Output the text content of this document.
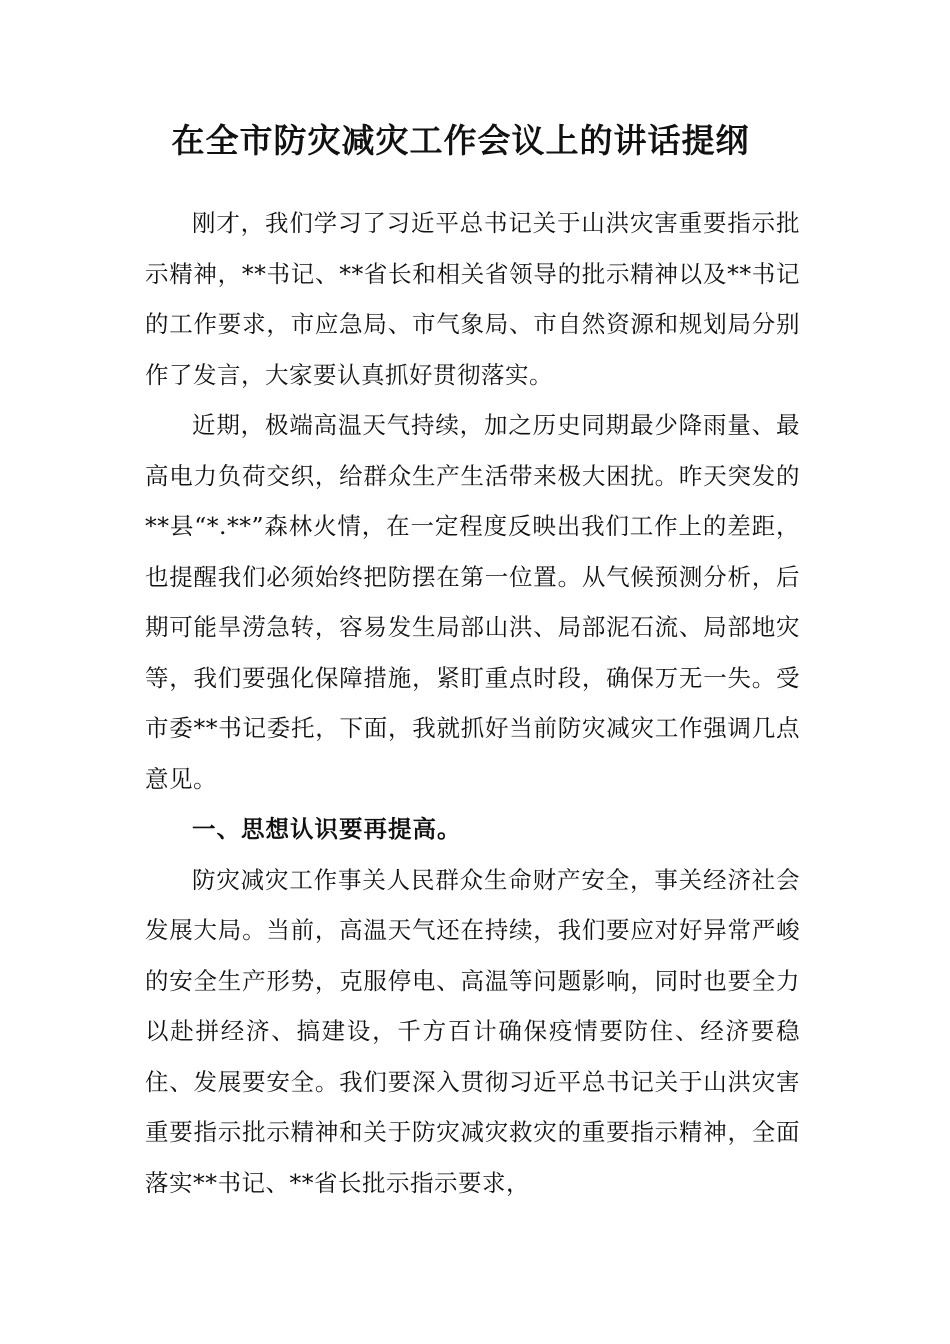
在全市防灾减灾工作会议上的讲话提纲

刚才，我们学习了习近平总书记关于山洪灾害重要指示批示精神，**书记、**省长和相关省领导的批示精神以及**书记的工作要求，市应急局、市气象局、市自然资源和规划局分别作了发言，大家要认真抓好贯彻落实。

近期，极端高温天气持续，加之历史同期最少降雨量、最高电力负荷交织，给群众生产生活带来极大困扰。昨天突发的**县“*.**”森林火情，在一定程度反映出我们工作上的差距，也提醒我们必须始终把防摆在第一位置。从气候预测分析，后期可能旱涝急转，容易发生局部山洪、局部泥石流、局部地灾等，我们要强化保障措施，紧盯重点时段，确保万无一失。受市委**书记委托，下面，我就抓好当前防灾减灾工作强调几点意见。

一、思想认识要再提高。

防灾减灾工作事关人民群众生命财产安全，事关经济社会发展大局。当前，高温天气还在持续，我们要应对好异常严峻的安全生产形势，克服停电、高温等问题影响，同时也要全力以赴拼经济、搞建设，千方百计确保疫情要防住、经济要稳住、发展要安全。我们要深入贯彻习近平总书记关于山洪灾害重要指示批示精神和关于防灾减灾救灾的重要指示精神，全面落实**书记、**省长批示指示要求，
